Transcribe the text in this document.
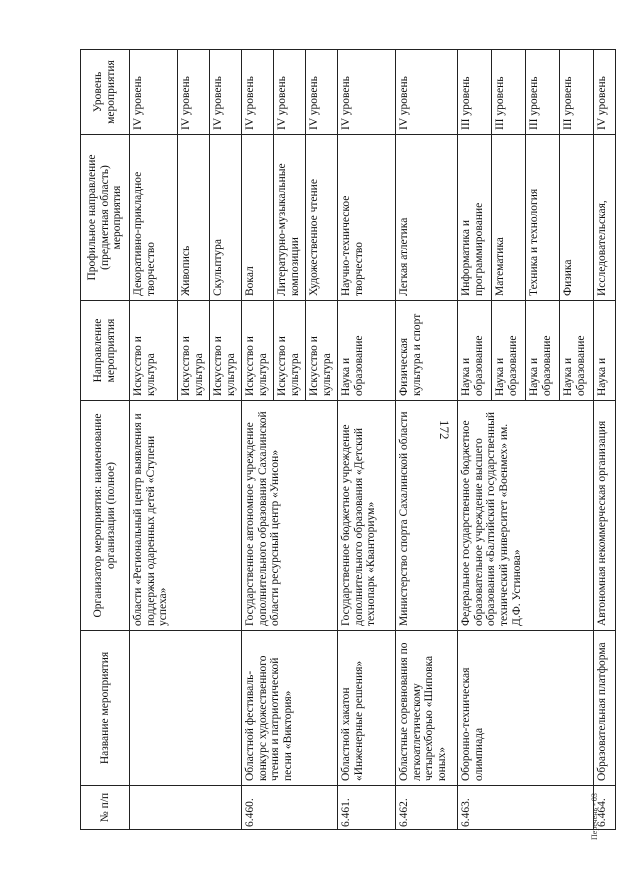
172
Перечень - 03
№ п/п	Название мероприятия	Организатор мероприятия: наименование организации (полное)	Направление мероприятия	Профильное направление (предметная область) мероприятия	Уровень мероприятия
		области «Региональный центр выявления и поддержки одаренных детей «Ступени успеха»	Искусство и культура	Декоративно-прикладное творчество	IV уровень
			Искусство и культура	Живопись	IV уровень
			Искусство и культура	Скульптура	IV уровень
6.460.	Областной фестиваль-конкурс художественного чтения и патриотической песни «Виктория»	Государственное автономное учреждение дополнительного образования Сахалинской области ресурсный центр «Унисон»	Искусство и культура	Вокал	IV уровень
			Искусство и культура	Литературно-музыкальные композиции	IV уровень
			Искусство и культура	Художественное чтение	IV уровень
6.461.	Областной хакатон «Инженерные решения»	Государственное бюджетное учреждение дополнительного образования «Детский технопарк «Кванториум»	Наука и образование	Научно-техническое творчество	IV уровень
6.462.	Областные соревнования по легкоатлетическому четырехборью «Шиповка юных»	Министерство спорта Сахалинской области	Физическая культура и спорт	Легкая атлетика	IV уровень
6.463.	Оборонно-техническая олимпиада	Федеральное государственное бюджетное образовательное учреждение высшего образования «Балтийский государственный технический университет «Военмех» им. Д.Ф. Устинова»	Наука и образование	Информатика и программирование	III уровень
			Наука и образование	Математика	III уровень
			Наука и образование	Техника и технология	III уровень
			Наука и образование	Физика	III уровень
6.464.	Образовательная платформа	Автономная некоммерческая организация	Наука и	Исследовательская,	IV уровень
